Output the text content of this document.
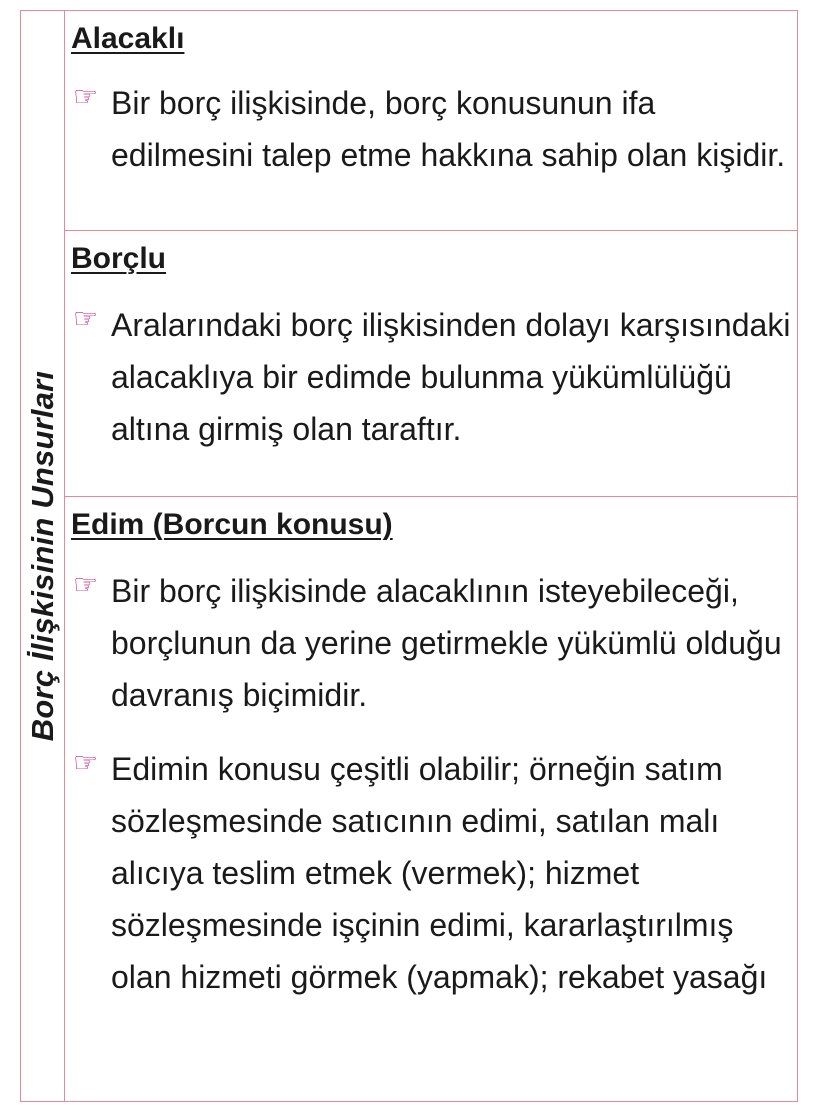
Borç İlişkisinin Unsurları

Alacaklı

☞ Bir borç ilişkisinde, borç konusunun ifa edilmesini talep etme hakkına sahip olan kişidir.

Borçlu

☞ Aralarındaki borç ilişkisinden dolayı karşısındaki alacaklıya bir edimde bulunma yükümlülüğü altına girmiş olan taraftır.

Edim (Borcun konusu)

☞ Bir borç ilişkisinde alacaklının isteyebileceği, borçlunun da yerine getirmekle yükümlü olduğu davranış biçimidir.

☞ Edimin konusu çeşitli olabilir; örneğin satım sözleşmesinde satıcının edimi, satılan malı alıcıya teslim etmek (vermek); hizmet sözleşmesinde işçinin edimi, kararlaştırılmış olan hizmeti görmek (yapmak); rekabet yasağı
